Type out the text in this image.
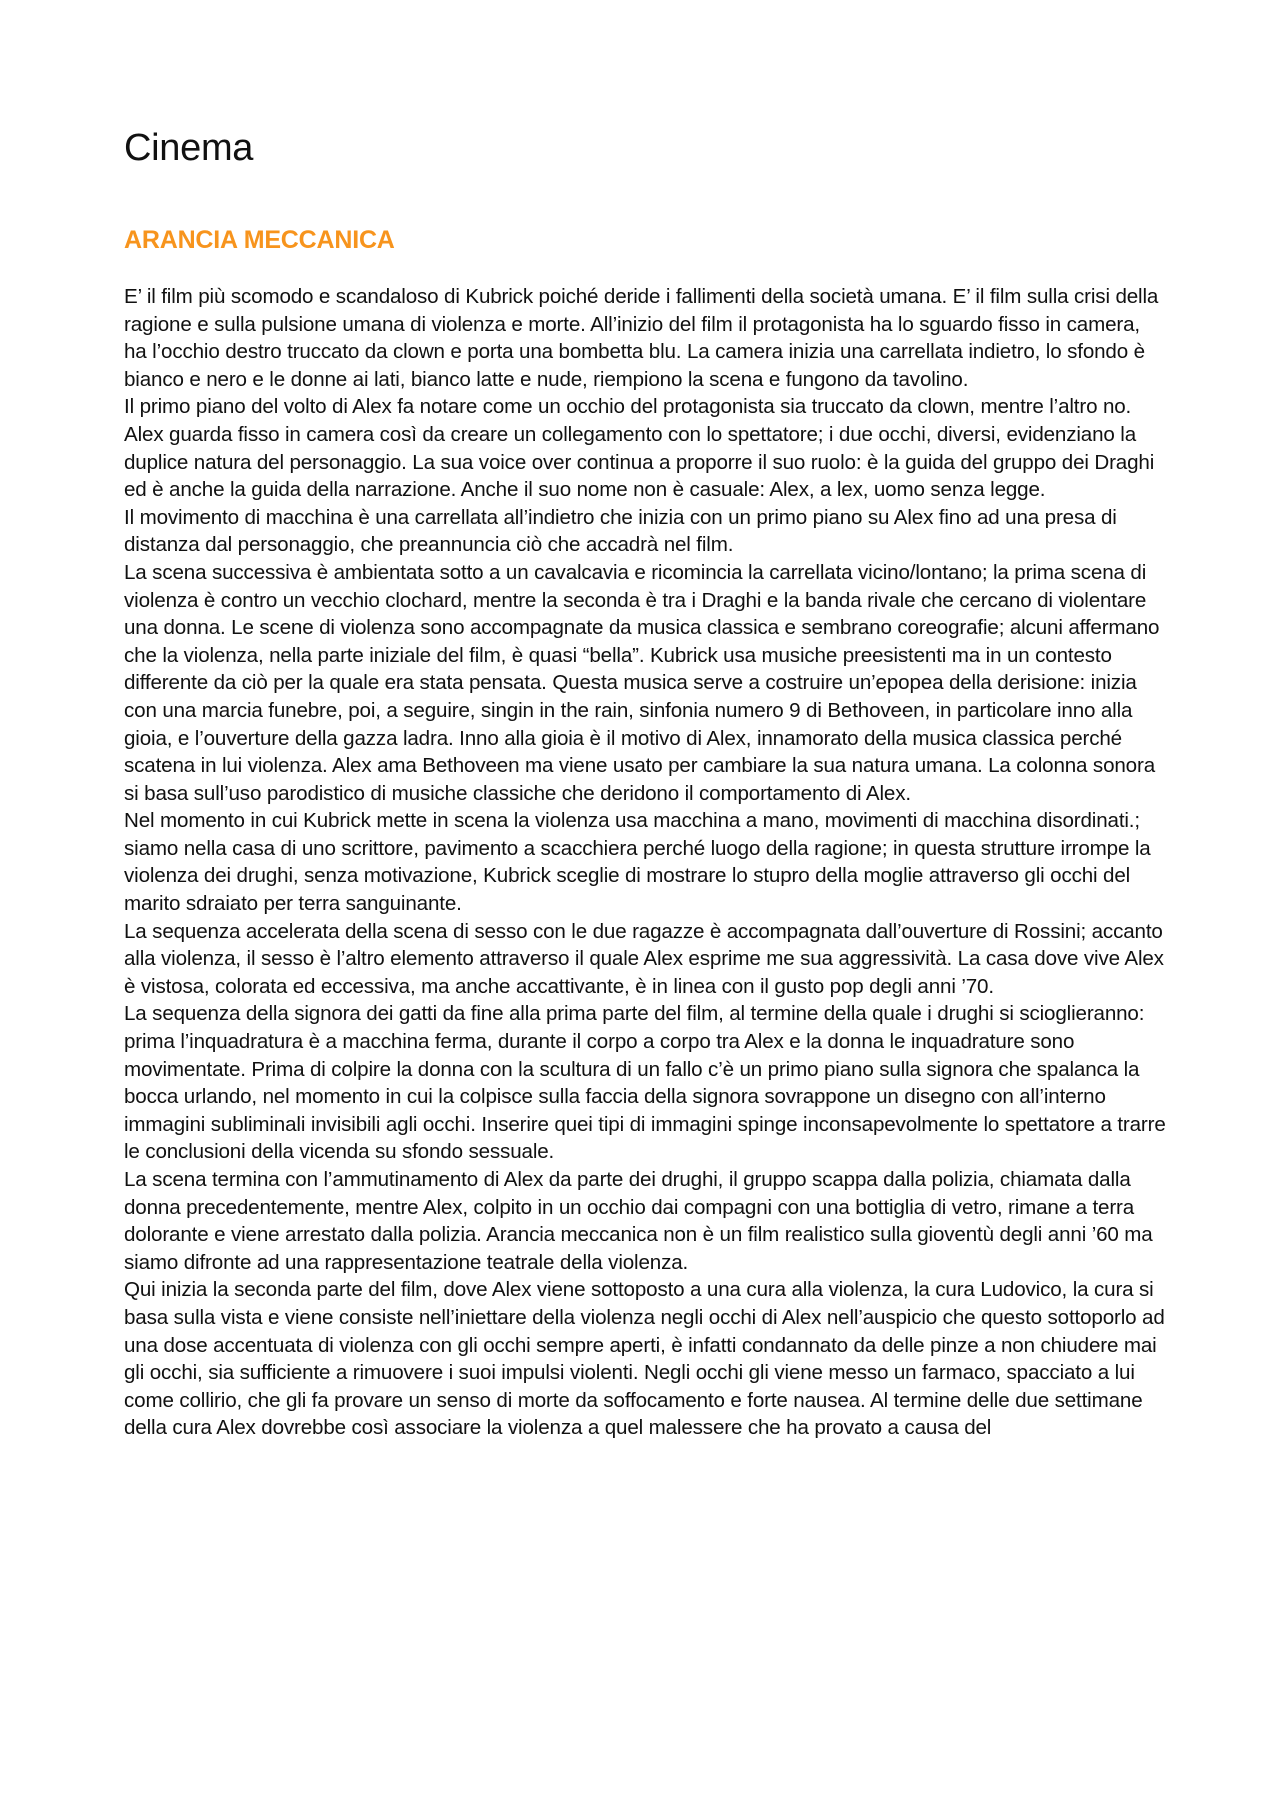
Cinema
ARANCIA MECCANICA

E’ il film più scomodo e scandaloso di Kubrick poiché deride i fallimenti della società umana. E’ il film sulla crisi della ragione e sulla pulsione umana di violenza e morte. All’inizio del film il protagonista ha lo sguardo fisso in camera, ha l’occhio destro truccato da clown e porta una bombetta blu. La camera inizia una carrellata indietro, lo sfondo è bianco e nero e le donne ai lati, bianco latte e nude, riempiono la scena e fungono da tavolino.

Il primo piano del volto di Alex fa notare come un occhio del protagonista sia truccato da clown, mentre l’altro no. Alex guarda fisso in camera così da creare un collegamento con lo spettatore; i due occhi, diversi, evidenziano la duplice natura del personaggio. La sua voice over continua a proporre il suo ruolo: è la guida del gruppo dei Draghi ed è anche la guida della narrazione. Anche il suo nome non è casuale: Alex, a lex, uomo senza legge.

Il movimento di macchina è una carrellata all’indietro che inizia con un primo piano su Alex fino ad una presa di distanza dal personaggio, che preannuncia ciò che accadrà nel film.

La scena successiva è ambientata sotto a un cavalcavia e ricomincia la carrellata vicino/lontano; la prima scena di violenza è contro un vecchio clochard, mentre la seconda è tra i Draghi e la banda rivale che cercano di violentare una donna. Le scene di violenza sono accompagnate da musica classica e sembrano coreografie; alcuni affermano che la violenza, nella parte iniziale del film, è quasi “bella”. Kubrick usa musiche preesistenti ma in un contesto differente da ciò per la quale era stata pensata. Questa musica serve a costruire un’epopea della derisione: inizia con una marcia funebre, poi, a seguire, singin in the rain, sinfonia numero 9 di Bethoveen, in particolare inno alla gioia, e l’ouverture della gazza ladra. Inno alla gioia è il motivo di Alex, innamorato della musica classica perché scatena in lui violenza. Alex ama Bethoveen ma viene usato per cambiare la sua natura umana. La colonna sonora si basa sull’uso parodistico di musiche classiche che deridono il comportamento di Alex.

Nel momento in cui Kubrick mette in scena la violenza usa macchina a mano, movimenti di macchina disordinati.; siamo nella casa di uno scrittore, pavimento a scacchiera perché luogo della ragione; in questa strutture irrompe la violenza dei drughi, senza motivazione, Kubrick sceglie di mostrare lo stupro della moglie attraverso gli occhi del marito sdraiato per terra sanguinante.

La sequenza accelerata della scena di sesso con le due ragazze è accompagnata dall’ouverture di Rossini; accanto alla violenza, il sesso è l’altro elemento attraverso il quale Alex esprime me sua aggressività. La casa dove vive Alex è vistosa, colorata ed eccessiva, ma anche accattivante, è in linea con il gusto pop degli anni ’70.

La sequenza della signora dei gatti da fine alla prima parte del film, al termine della quale i drughi si scioglieranno: prima l’inquadratura è a macchina ferma, durante il corpo a corpo tra Alex e la donna le inquadrature sono movimentate. Prima di colpire la donna con la scultura di un fallo c’è un primo piano sulla signora che spalanca la bocca urlando, nel momento in cui la colpisce sulla faccia della signora sovrappone un disegno con all’interno immagini subliminali invisibili agli occhi. Inserire quei tipi di immagini spinge inconsapevolmente lo spettatore a trarre le conclusioni della vicenda su sfondo sessuale.

La scena termina con l’ammutinamento di Alex da parte dei drughi, il gruppo scappa dalla polizia, chiamata dalla donna precedentemente, mentre Alex, colpito in un occhio dai compagni con una bottiglia di vetro, rimane a terra dolorante e viene arrestato dalla polizia. Arancia meccanica non è un film realistico sulla gioventù degli anni ’60 ma siamo difronte ad una rappresentazione teatrale della violenza.

Qui inizia la seconda parte del film, dove Alex viene sottoposto a una cura alla violenza, la cura Ludovico, la cura si basa sulla vista e viene consiste nell’iniettare della violenza negli occhi di Alex nell’auspicio che questo sottoporlo ad una dose accentuata di violenza con gli occhi sempre aperti, è infatti condannato da delle pinze a non chiudere mai gli occhi, sia sufficiente a rimuovere i suoi impulsi violenti. Negli occhi gli viene messo un farmaco, spacciato a lui come collirio, che gli fa provare un senso di morte da soffocamento e forte nausea. Al termine delle due settimane della cura Alex dovrebbe così associare la violenza a quel malessere che ha provato a causa del
